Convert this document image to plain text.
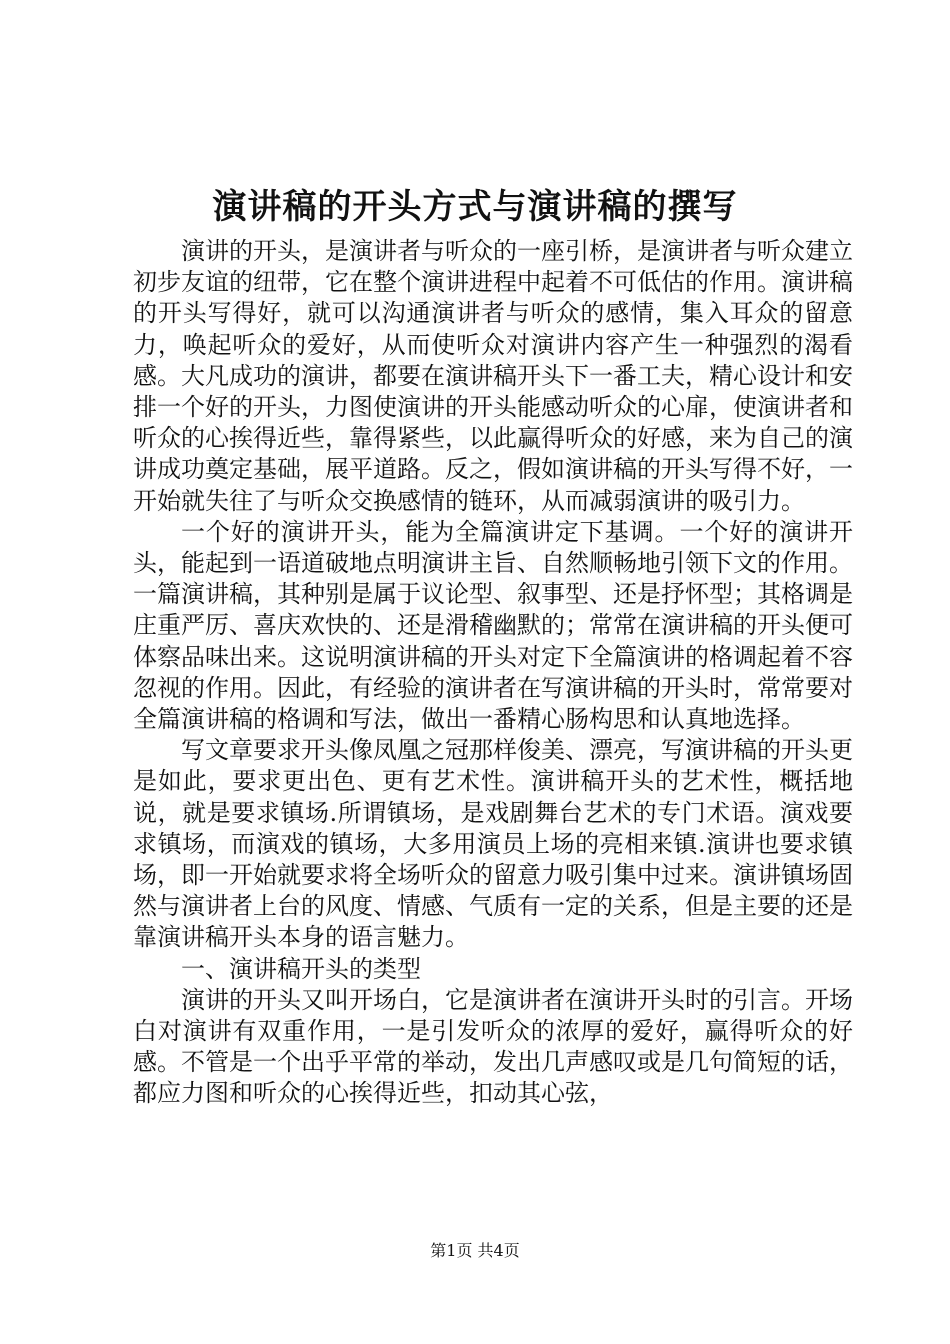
演讲稿的开头方式与演讲稿的撰写

演讲的开头，是演讲者与听众的一座引桥，是演讲者与听众建立初步友谊的纽带，它在整个演讲进程中起着不可低估的作用。演讲稿的开头写得好，就可以沟通演讲者与听众的感情，集入耳众的留意力，唤起听众的爱好，从而使听众对演讲内容产生一种强烈的渴看感。大凡成功的演讲，都要在演讲稿开头下一番工夫，精心设计和安排一个好的开头，力图使演讲的开头能感动听众的心扉，使演讲者和听众的心挨得近些，靠得紧些，以此赢得听众的好感，来为自己的演讲成功奠定基础，展平道路。反之，假如演讲稿的开头写得不好，一开始就失往了与听众交换感情的链环，从而减弱演讲的吸引力。

一个好的演讲开头，能为全篇演讲定下基调。一个好的演讲开头，能起到一语道破地点明演讲主旨、自然顺畅地引领下文的作用。一篇演讲稿，其种别是属于议论型、叙事型、还是抒怀型；其格调是庄重严厉、喜庆欢快的、还是滑稽幽默的；常常在演讲稿的开头便可体察品味出来。这说明演讲稿的开头对定下全篇演讲的格调起着不容忽视的作用。因此，有经验的演讲者在写演讲稿的开头时，常常要对全篇演讲稿的格调和写法，做出一番精心肠构思和认真地选择。

写文章要求开头像凤凰之冠那样俊美、漂亮，写演讲稿的开头更是如此，要求更出色、更有艺术性。演讲稿开头的艺术性，概括地说，就是要求镇场.所谓镇场，是戏剧舞台艺术的专门术语。演戏要求镇场，而演戏的镇场，大多用演员上场的亮相来镇.演讲也要求镇场，即一开始就要求将全场听众的留意力吸引集中过来。演讲镇场固然与演讲者上台的风度、情感、气质有一定的关系，但是主要的还是靠演讲稿开头本身的语言魅力。

一、演讲稿开头的类型

演讲的开头又叫开场白，它是演讲者在演讲开头时的引言。开场白对演讲有双重作用，一是引发听众的浓厚的爱好，赢得听众的好感。不管是一个出乎平常的举动，发出几声感叹或是几句简短的话，都应力图和听众的心挨得近些，扣动其心弦，

第1页 共4页
